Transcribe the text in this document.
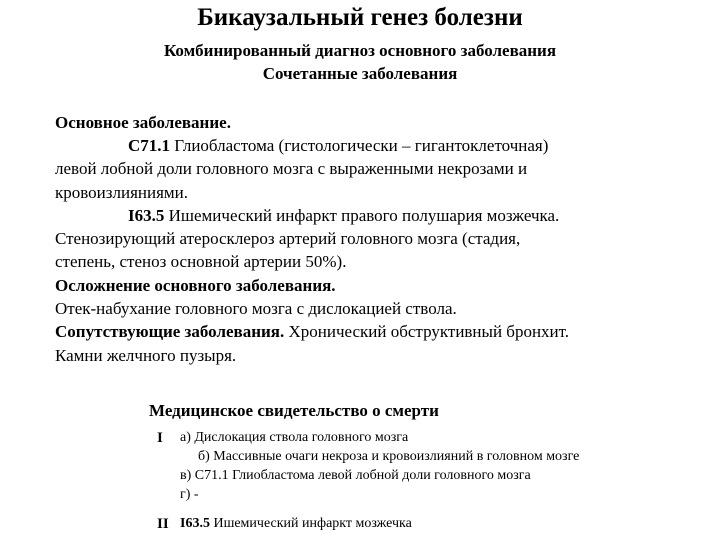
Бикаузальный генез болезни
Комбинированный диагноз основного заболевания
Сочетанные заболевания
Основное заболевание.
C71.1 Глиобластома (гистологически – гигантоклеточная)
левой лобной доли головного мозга с выраженными некрозами и
кровоизлияниями.
I63.5 Ишемический инфаркт правого полушария мозжечка.
Стенозирующий атеросклероз артерий головного мозга (стадия,
степень, стеноз основной артерии 50%).
Осложнение основного заболевания.
Отек-набухание головного мозга с дислокацией ствола.
Сопутствующие заболевания. Хронический обструктивный бронхит.
Камни желчного пузыря.
Медицинское свидетельство о смерти
I а) Дислокация ствола головного мозга
б) Массивные очаги некроза и кровоизлияний в головном мозге
в) C71.1 Глиобластома левой лобной доли головного мозга
г) -
II I63.5 Ишемический инфаркт мозжечка
